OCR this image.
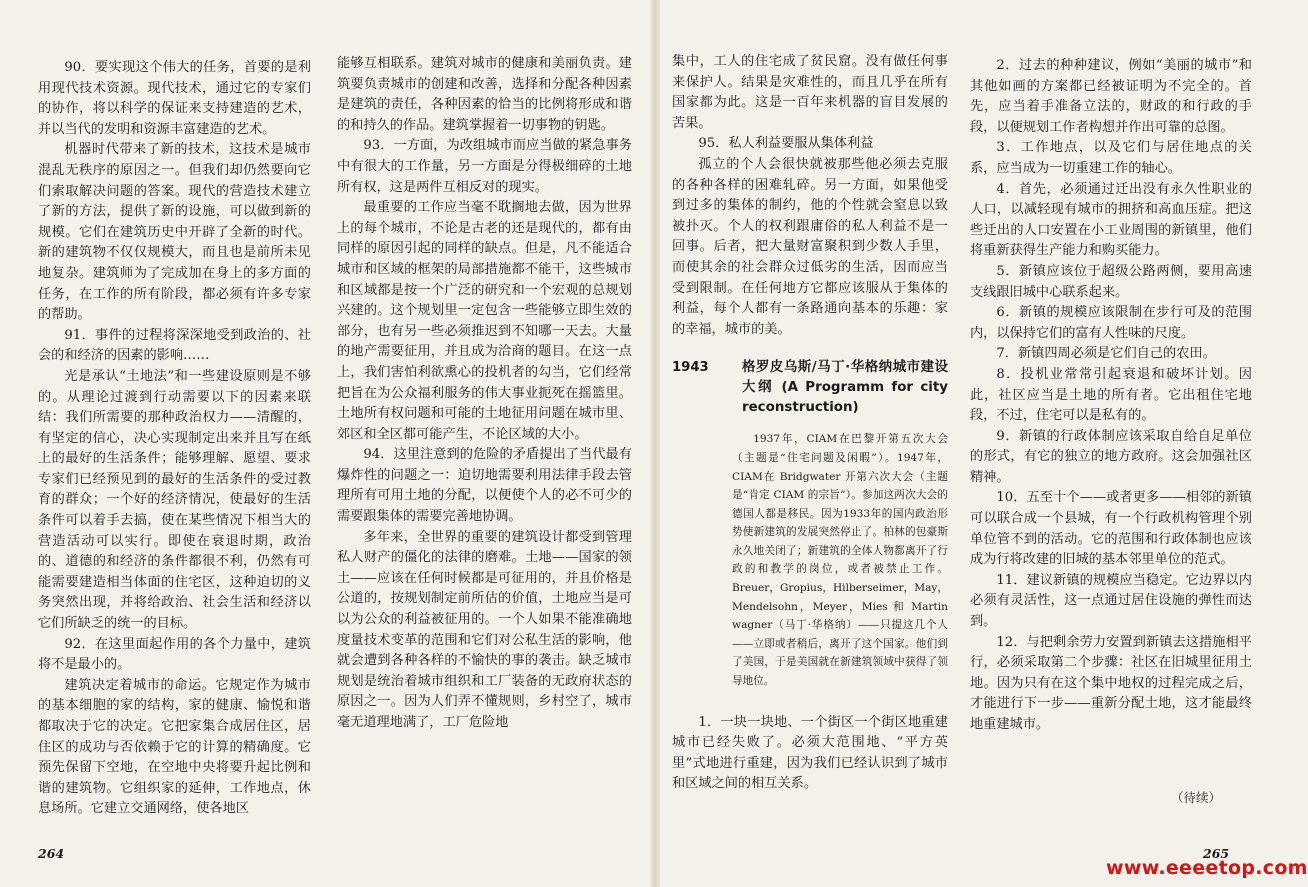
90．要实现这个伟大的任务，首要的是利用现代技术资源。现代技术，通过它的专家们的协作，将以科学的保证来支持建造的艺术，并以当代的发明和资源丰富建造的艺术。

机器时代带来了新的技术，这技术是城市混乱无秩序的原因之一。但我们却仍然要向它们索取解决问题的答案。现代的营造技术建立了新的方法，提供了新的设施，可以做到新的规模。它们在建筑历史中开辟了全新的时代。新的建筑物不仅仅规模大，而且也是前所未见地复杂。建筑师为了完成加在身上的多方面的任务，在工作的所有阶段，都必须有许多专家的帮助。

91．事件的过程将深深地受到政治的、社会的和经济的因素的影响……

光是承认“土地法”和一些建设原则是不够的。从理论过渡到行动需要以下的因素来联结：我们所需要的那种政治权力——清醒的，有坚定的信心，决心实现制定出来并且写在纸上的最好的生活条件；能够理解、愿望、要求专家们已经预见到的最好的生活条件的受过教育的群众；一个好的经济情况，使最好的生活条件可以着手去搞，使在某些情况下相当大的营造活动可以实行。即使在衰退时期，政治的、道德的和经济的条件都很不利，仍然有可能需要建造相当体面的住宅区，这种迫切的义务突然出现，并将给政治、社会生活和经济以它们所缺乏的统一的目标。

92．在这里面起作用的各个力量中，建筑将不是最小的。

建筑决定着城市的命运。它规定作为城市的基本细胞的家的结构，家的健康、愉悦和谐都取决于它的决定。它把家集合成居住区，居住区的成功与否依赖于它的计算的精确度。它预先保留下空地，在空地中央将要升起比例和谐的建筑物。它组织家的延伸，工作地点，休息场所。它建立交通网络，使各地区

能够互相联系。建筑对城市的健康和美丽负责。建筑要负责城市的创建和改善，选择和分配各种因素是建筑的责任，各种因素的恰当的比例将形成和谐的和持久的作品。建筑掌握着一切事物的钥匙。

93．一方面，为改组城市而应当做的紧急事务中有很大的工作量，另一方面是分得极细碎的土地所有权，这是两件互相反对的现实。

最重要的工作应当毫不耽搁地去做，因为世界上的每个城市，不论是古老的还是现代的，都有由同样的原因引起的同样的缺点。但是，凡不能适合城市和区域的框架的局部措施都不能干，这些城市和区域都是按一个广泛的研究和一个宏观的总规划兴建的。这个规划里一定包含一些能够立即生效的部分，也有另一些必须推迟到不知哪一天去。大量的地产需要征用，并且成为洽商的题目。在这一点上，我们害怕利欲熏心的投机者的勾当，它们经常把旨在为公众福利服务的伟大事业扼死在摇篮里。土地所有权问题和可能的土地征用问题在城市里、郊区和全区都可能产生，不论区域的大小。

94．这里注意到的危险的矛盾提出了当代最有爆炸性的问题之一：迫切地需要利用法律手段去管理所有可用土地的分配，以便使个人的必不可少的需要跟集体的需要完善地协调。

多年来，全世界的重要的建筑设计都受到管理私人财产的僵化的法律的磨难。土地——国家的领土——应该在任何时候都是可征用的，并且价格是公道的，按规划制定前所估的价值，土地应当是可以为公众的利益被征用的。一个人如果不能准确地度量技术变革的范围和它们对公私生活的影响，他就会遭到各种各样的不愉快的事的袭击。缺乏城市规划是统治着城市组织和工厂装备的无政府状态的原因之一。因为人们弄不懂规则，乡村空了，城市毫无道理地满了，工厂危险地

264

集中，工人的住宅成了贫民窟。没有做任何事来保护人。结果是灾难性的，而且几乎在所有国家都为此。这是一百年来机器的盲目发展的苦果。

95．私人利益要服从集体利益

孤立的个人会很快就被那些他必须去克服的各种各样的困难轧碎。另一方面，如果他受到过多的集体的制约，他的个性就会窒息以致被扑灭。个人的权利跟庸俗的私人利益不是一回事。后者，把大量财富聚积到少数人手里，而使其余的社会群众过低劣的生活，因而应当受到限制。在任何地方它都应该服从于集体的利益，每个人都有一条路通向基本的乐趣：家的幸福，城市的美。

1943	格罗皮乌斯/马丁·华格纳城市建设大纲 (A Programm for city reconstruction)

1937年，CIAM在巴黎开第五次大会（主题是“住宅问题及闲暇”）。1947年，CIAM在 Bridgwater 开第六次大会（主题是“肯定 CIAM 的宗旨”）。参加这两次大会的德国人都是移民。因为1933年的国内政治形势使新建筑的发展突然停止了。柏林的包豪斯永久地关闭了；新建筑的全体人物都离开了行政的和教学的岗位，或者被禁止工作。Breuer，Gropius，Hilberseimer，May，Mendelsohn，Meyer，Mies 和 Martin wagner（马丁·华格纳）——只提这几个人——立即或者稍后，离开了这个国家。他们到了美国，于是美国就在新建筑领域中获得了领导地位。

1．一块一块地、一个街区一个街区地重建城市已经失败了。必须大范围地、“平方英里”式地进行重建，因为我们已经认识到了城市和区域之间的相互关系。

2．过去的种种建议，例如“美丽的城市”和其他如画的方案都已经被证明为不完全的。首先，应当着手准备立法的，财政的和行政的手段，以便规划工作者构想并作出可靠的总图。

3．工作地点，以及它们与居住地点的关系，应当成为一切重建工作的轴心。

4．首先，必须通过迁出没有永久性职业的人口，以减轻现有城市的拥挤和高血压症。把这些迁出的人口安置在小工业周围的新镇里，他们将重新获得生产能力和购买能力。

5．新镇应该位于超级公路两侧，要用高速支线跟旧城中心联系起来。

6．新镇的规模应该限制在步行可及的范围内，以保持它们的富有人性味的尺度。

7．新镇四周必须是它们自己的农田。

8．投机业常常引起衰退和破坏计划。因此，社区应当是土地的所有者。它出租住宅地段，不过，住宅可以是私有的。

9．新镇的行政体制应该采取自给自足单位的形式，有它的独立的地方政府。这会加强社区精神。

10．五至十个——或者更多——相邻的新镇可以联合成一个县城，有一个行政机构管理个别单位管不到的活动。它的范围和行政体制也应该成为行将改建的旧城的基本邻里单位的范式。

11．建议新镇的规模应当稳定。它边界以内必须有灵活性，这一点通过居住设施的弹性而达到。

12．与把剩余劳力安置到新镇去这措施相平行，必须采取第二个步骤：社区在旧城里征用土地。因为只有在这个集中地权的过程完成之后，才能进行下一步——重新分配土地，这才能最终地重建城市。

（待续）
265
www.eeeetop.com
